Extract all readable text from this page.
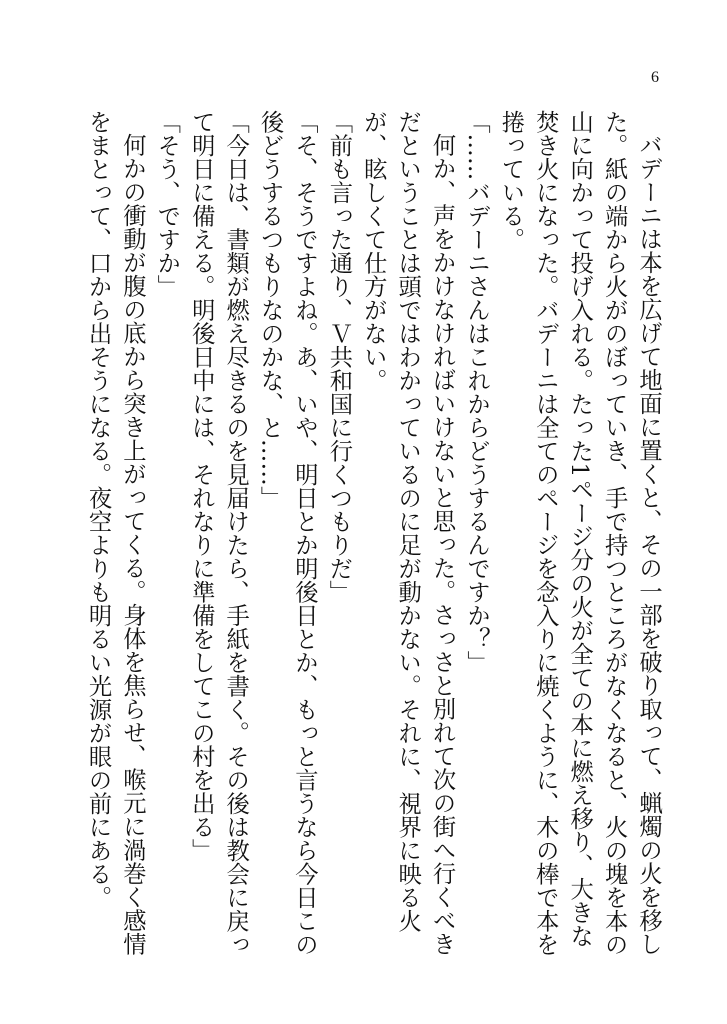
6

バデーニは本を広げて地面に置くと、その一部を破り取って、蝋燭の火を移した。紙の端から火がのぼっていき、手で持つところがなくなると、火の塊を本の山に向かって投げ入れる。たった1ページ分の火が全ての本に燃え移り、大きな焚き火になった。バデーニは全てのページを念入りに焼くように、木の棒で本を捲っている。

「……バデーニさんはこれからどうするんですか？」

何か、声をかけなければいけないと思った。さっさと別れて次の街へ行くべきだということは頭ではわかっているのに足が動かない。それに、視界に映る火が、眩しくて仕方がない。

「前も言った通り、Ｖ共和国に行くつもりだ」

「そ、そうですよね。あ、いや、明日とか明後日とか、もっと言うなら今日この後どうするつもりなのかな、と……」

「今日は、書類が燃え尽きるのを見届けたら、手紙を書く。その後は教会に戻って明日に備える。明後日中には、それなりに準備をしてこの村を出る」

「そう、ですか」

何かの衝動が腹の底から突き上がってくる。身体を焦らせ、喉元に渦巻く感情をまとって、口から出そうになる。夜空よりも明るい光源が眼の前にある。
